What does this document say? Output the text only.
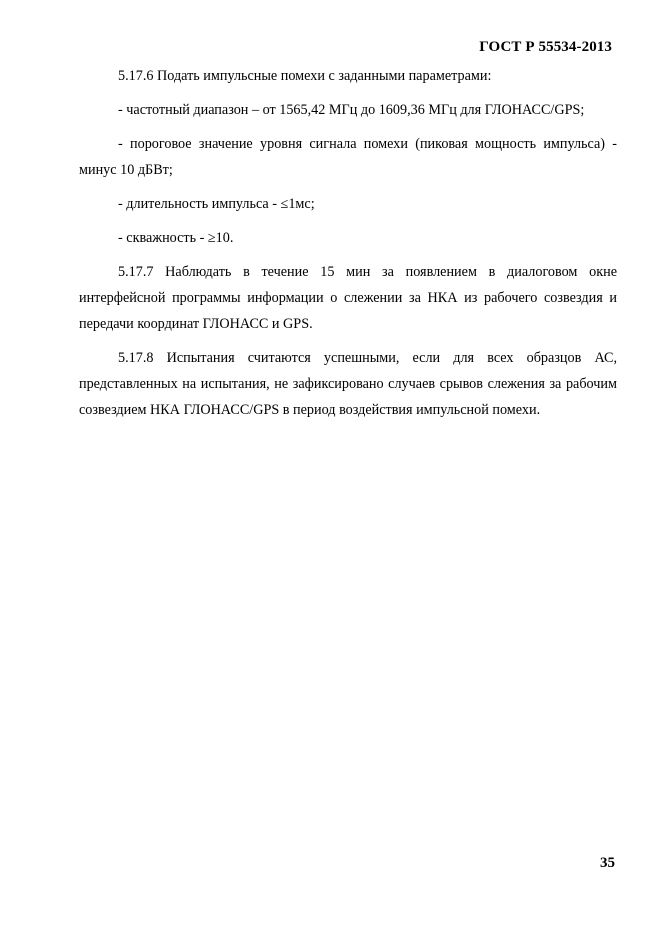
ГОСТ Р 55534-2013

5.17.6 Подать импульсные помехи с заданными параметрами:

- частотный диапазон – от 1565,42 МГц до 1609,36 МГц для ГЛОНАСС/GPS;

- пороговое значение уровня сигнала помехи (пиковая мощность импульса) - минус 10 дБВт;

- длительность импульса - ≤1мс;

- скважность - ≥10.

5.17.7 Наблюдать в течение 15 мин за появлением в диалоговом окне интерфейсной программы информации о слежении за НКА из рабочего созвездия и передачи координат ГЛОНАСС и GPS.

5.17.8 Испытания считаются успешными, если для всех образцов АС, представленных на испытания, не зафиксировано случаев срывов слежения за рабочим созвездием НКА ГЛОНАСС/GPS в период воздействия импульсной помехи.

35
